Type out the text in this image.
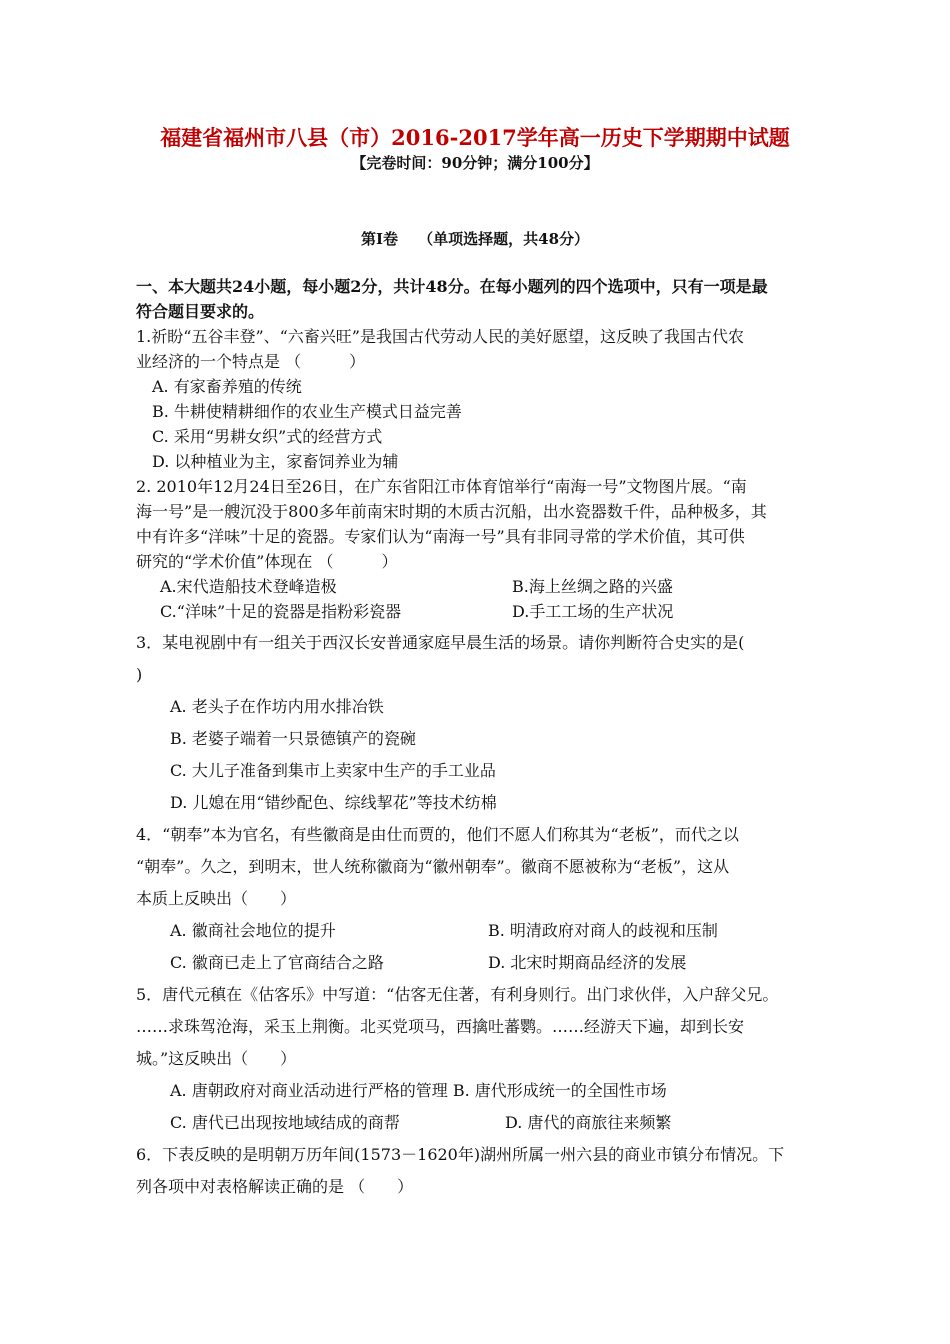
福建省福州市八县（市）2016-2017学年高一历史下学期期中试题
【完卷时间：90分钟；满分100分】
第Ⅰ卷　 （单项选择题，共48分）
一、本大题共24小题，每小题2分，共计48分。在每小题列的四个选项中，只有一项是最
符合题目要求的。
1.祈盼“五谷丰登”、“六畜兴旺”是我国古代劳动人民的美好愿望，这反映了我国古代农
业经济的一个特点是 （　　　）
A. 有家畜养殖的传统
B. 牛耕使精耕细作的农业生产模式日益完善
C. 采用“男耕女织”式的经营方式
D. 以种植业为主，家畜饲养业为辅
2. 2010年12月24日至26日，在广东省阳江市体育馆举行“南海一号”文物图片展。“南
海一号”是一艘沉没于800多年前南宋时期的木质古沉船，出水瓷器数千件，品种极多，其
中有许多“洋味”十足的瓷器。专家们认为“南海一号”具有非同寻常的学术价值，其可供
研究的“学术价值”体现在 （　　　）
A.宋代造船技术登峰造极	B.海上丝绸之路的兴盛
C.“洋味”十足的瓷器是指粉彩瓷器	D.手工工场的生产状况
3．某电视剧中有一组关于西汉长安普通家庭早晨生活的场景。请你判断符合史实的是(
)
A. 老头子在作坊内用水排冶铁
B. 老婆子端着一只景德镇产的瓷碗
C. 大儿子准备到集市上卖家中生产的手工业品
D. 儿媳在用“错纱配色、综线挈花”等技术纺棉
4．“朝奉”本为官名，有些徽商是由仕而贾的，他们不愿人们称其为“老板”，而代之以
“朝奉”。久之，到明末，世人统称徽商为“徽州朝奉”。徽商不愿被称为“老板”，这从
本质上反映出（　　）
A. 徽商社会地位的提升	B. 明清政府对商人的歧视和压制
C. 徽商已走上了官商结合之路	D. 北宋时期商品经济的发展
5．唐代元稹在《估客乐》中写道：“估客无住著，有利身则行。出门求伙伴，入户辞父兄。
……求珠驾沧海，采玉上荆衡。北买党项马，西擒吐蕃鹦。……经游天下遍，却到长安
城。”这反映出（　　）
A. 唐朝政府对商业活动进行严格的管理 B. 唐代形成统一的全国性市场
C. 唐代已出现按地域结成的商帮	D. 唐代的商旅往来频繁
6．下表反映的是明朝万历年间(1573－1620年)湖州所属一州六县的商业市镇分布情况。下
列各项中对表格解读正确的是 （　　）
